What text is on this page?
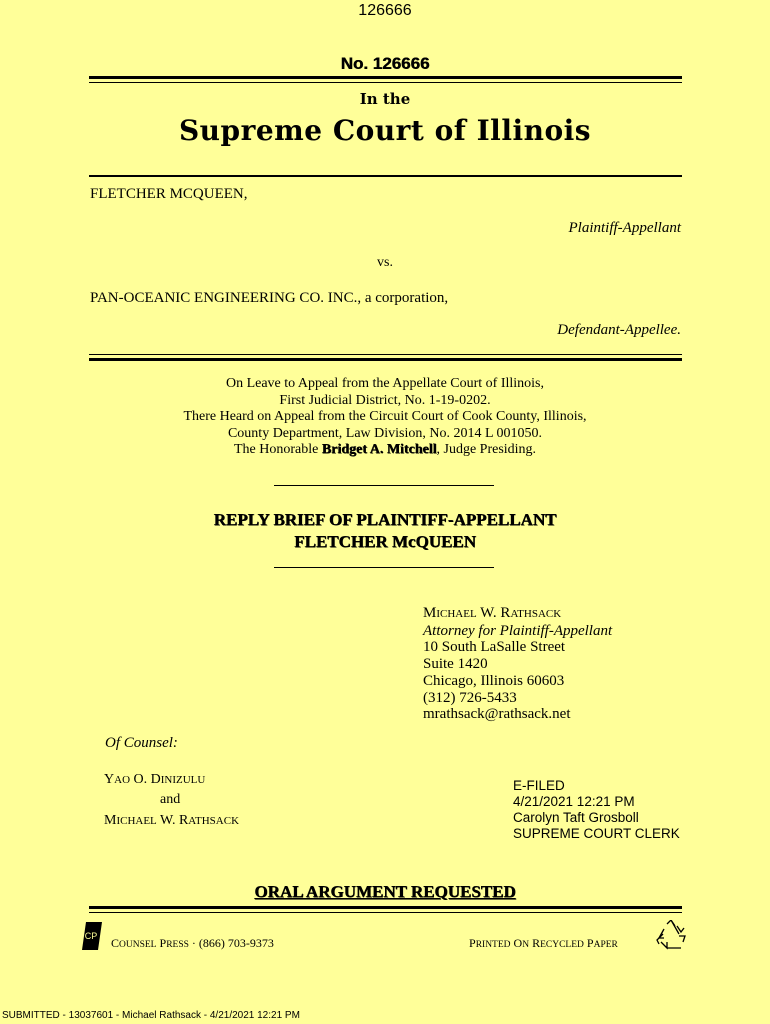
126666
No. 126666
In the
Supreme Court of Illinois
FLETCHER MCQUEEN,
Plaintiff-Appellant
vs.
PAN-OCEANIC ENGINEERING CO. INC., a corporation,
Defendant-Appellee.
On Leave to Appeal from the Appellate Court of Illinois,
First Judicial District, No. 1-19-0202.
There Heard on Appeal from the Circuit Court of Cook County, Illinois,
County Department, Law Division, No. 2014 L 001050.
The Honorable Bridget A. Mitchell, Judge Presiding.
REPLY BRIEF OF PLAINTIFF-APPELLANT
FLETCHER McQUEEN
MICHAEL W. RATHSACK
Attorney for Plaintiff-Appellant
10 South LaSalle Street
Suite 1420
Chicago, Illinois 60603
(312) 726-5433
mrathsack@rathsack.net
Of Counsel:
YAO O. DINIZULU
and
MICHAEL W. RATHSACK
E-FILED
4/21/2021 12:21 PM
Carolyn Taft Grosboll
SUPREME COURT CLERK
ORAL ARGUMENT REQUESTED
CP COUNSEL PRESS · (866) 703-9373	PRINTED ON RECYCLED PAPER
SUBMITTED - 13037601 - Michael Rathsack - 4/21/2021 12:21 PM
